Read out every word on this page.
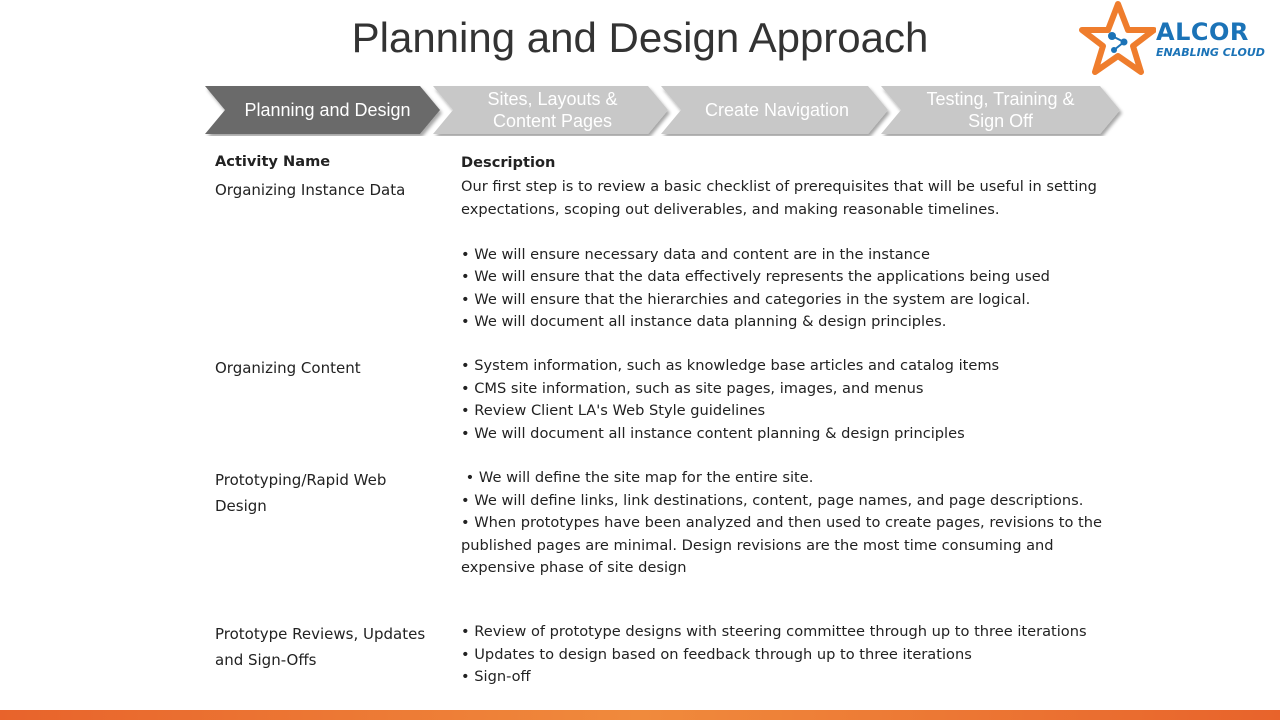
Planning and Design Approach	ALCOR
ENABLING CLOUD
Planning and Design
Sites, Layouts & Content Pages
Create Navigation
Testing, Training & Sign Off
Activity Name
Organizing Instance Data
Organizing Content
Prototyping/Rapid Web Design
Prototype Reviews, Updates and Sign-Offs
Description
Our first step is to review a basic checklist of prerequisites that will be useful in setting expectations, scoping out deliverables, and making reasonable timelines.
• We will ensure necessary data and content are in the instance
• We will ensure that the data effectively represents the applications being used
• We will ensure that the hierarchies and categories in the system are logical.
• We will document all instance data planning & design principles.
• System information, such as knowledge base articles and catalog items
• CMS site information, such as site pages, images, and menus
• Review Client LA's Web Style guidelines
• We will document all instance content planning & design principles
• We will define the site map for the entire site.
• We will define links, link destinations, content, page names, and page descriptions.
• When prototypes have been analyzed and then used to create pages, revisions to the published pages are minimal. Design revisions are the most time consuming and expensive phase of site design
• Review of prototype designs with steering committee through up to three iterations
• Updates to design based on feedback through up to three iterations
• Sign-off
